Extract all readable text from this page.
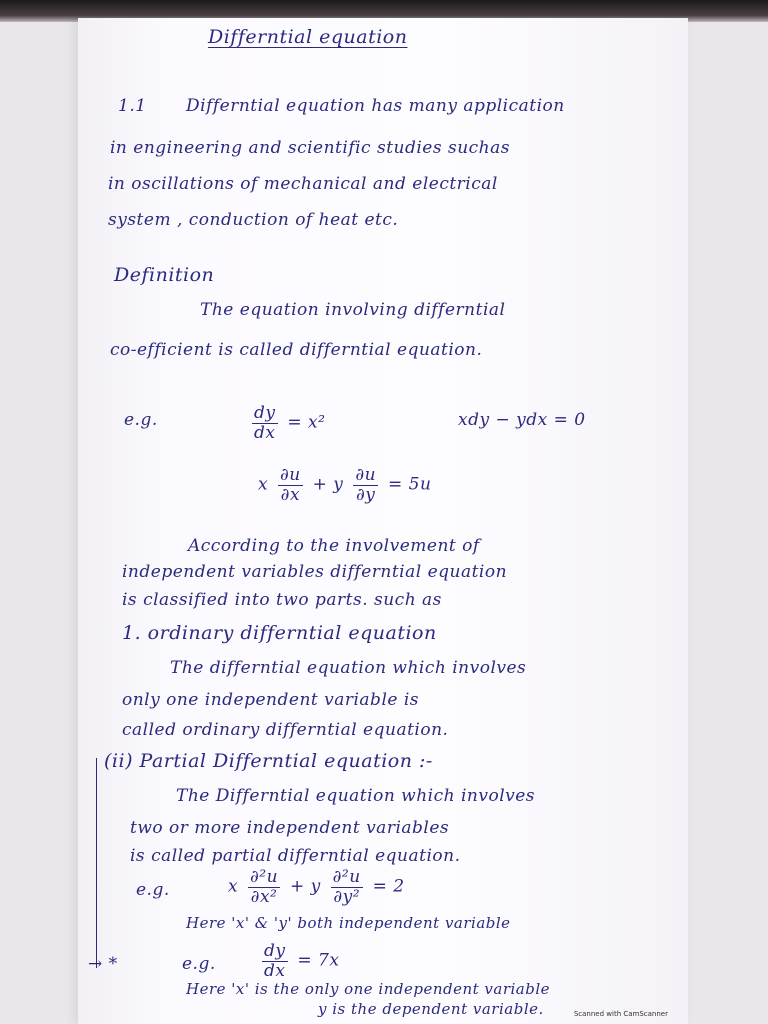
Differntial equation
1.1 Differntial equation has many application
in engineering and scientific studies suchas
in oscillations of mechanical and electrical
system , conduction of heat etc.
Definition
The equation involving differntial
co-efficient is called differntial equation.
e.g.	$\frac{dy}{dx} = x^2$	xdy − ydx = 0
x $\frac{\partial u}{\partial x} + y \frac{\partial u}{\partial y} = 5u$
According to the involvement of
independent variables differntial equation
is classified into two parts. such as
1. ordinary differntial equation
The differntial equation which involves
only one independent variable is
called ordinary differntial equation.
(ii) Partial Differntial equation :-
The Differntial equation which involves
two or more independent variables
is called partial differntial equation.
e.g.	x $\frac{\text{∂²u}}{\text{∂x²}} + y \frac{\text{∂²u}}{\text{∂y²}} = 2$
Here 'x' & 'y' both independent variable
→ *	e.g.	$\frac{dy}{dx} = 7x$
Here 'x' is the only one independent variable
y is the dependent variable.	Scanned with CamScanner
